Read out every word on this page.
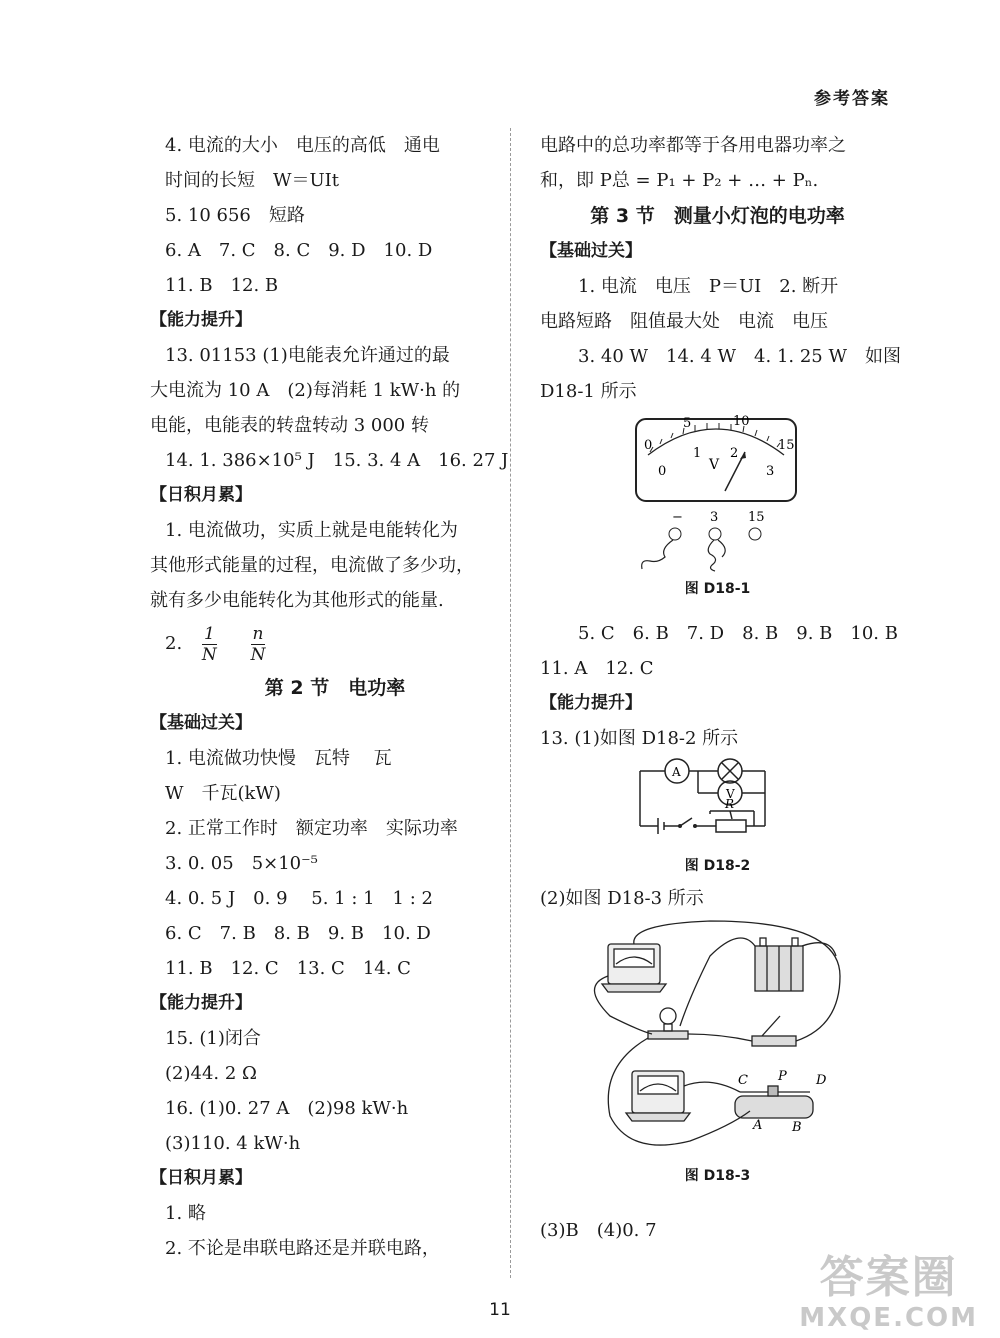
参考答案
4. 电流的大小　电压的高低　通电
时间的长短　W＝UIt
5. 10 656　短路
6. A　7. C　8. C　9. D　10. D
11. B　12. B
【能力提升】
13. 01153 (1)电能表允许通过的最
大电流为 10 A　(2)每消耗 1 kW·h 的
电能，电能表的转盘转动 3 000 转
14. 1. 386×10⁵ J　15. 3. 4 A　16. 27 J
【日积月累】
1. 电流做功，实质上就是电能转化为
其他形式能量的过程，电流做了多少功，
就有多少电能转化为其他形式的能量.
2. $\frac{1}{N}$
$\frac{n}{N}$
第 2 节　电功率
【基础过关】
1. 电流做功快慢　瓦特　 瓦
W　千瓦(kW)
2. 正常工作时　额定功率　实际功率
3. 0. 05　5×10⁻⁵
4. 0. 5 J　0. 9　 5. 1 : 1　1 : 2
6. C　7. B　8. B　9. B　10. D
11. B　12. C　13. C　14. C
【能力提升】
15. (1)闭合
(2)44. 2 Ω
16. (1)0. 27 A　(2)98 kW·h
(3)110. 4 kW·h
【日积月累】
1. 略
2. 不论是串联电路还是并联电路，
电路中的总功率都等于各用电器功率之
和，即 P总 = P₁ + P₂ + … + Pₙ.
第 3 节　测量小灯泡的电功率
【基础过关】
1. 电流　电压　P＝UI　2. 断开
电路短路　阻值最大处　电流　电压
3. 40 W　14. 4 W　4. 1. 25 W　如图
D18-1 所示
0
5	10
15
0
1 2
3
V
− 3 15
图 D18-1
5. C　6. B　7. D　8. B　9. B　10. B
11. A　12. C
【能力提升】
13. (1)如图 D18-2 所示
A
V
R
图 D18-2
(2)如图 D18-3 所示
C P D
A B
图 D18-3
(3)B　(4)0. 7
11
答案圈
MXQE.COM
